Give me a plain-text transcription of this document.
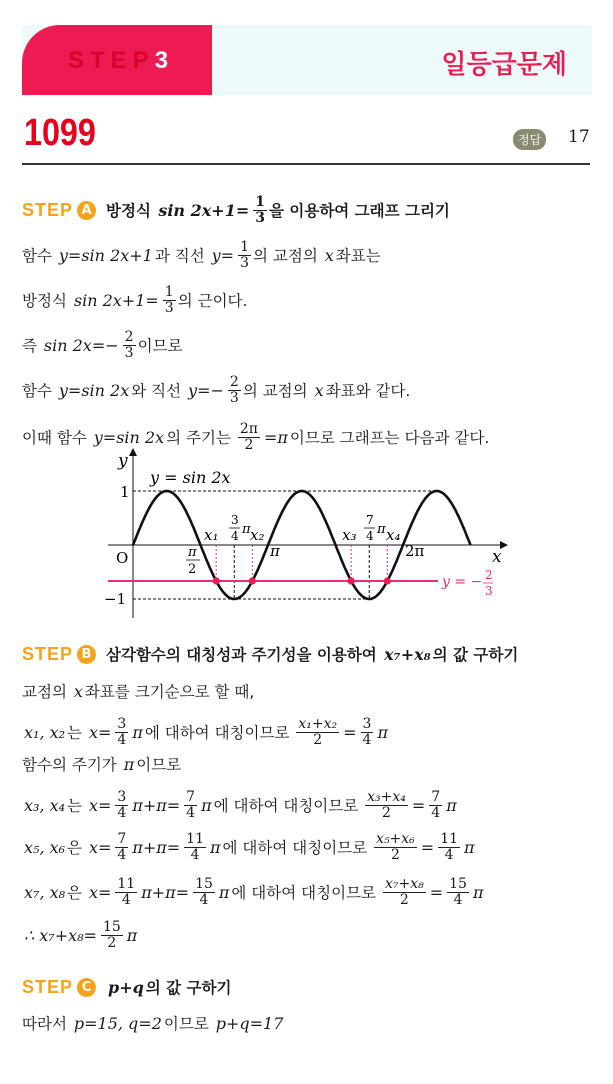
STEP3	일등급문제
1099	정답 17
STEP A 방정식 $\sin 2x+1= \frac{1}{3}$ 을 이용하여 그래프 그리기
함수 y=sin 2x+1 과 직선 $y= \frac{1}{3}$ 의 교점의 x 좌표는
방정식 $\sin 2x+1= \frac{1}{3}$ 의 근이다.
즉 $\sin 2x=- \frac{2}{3}$ 이므로
함수 y=sin 2x 와 직선 $y=- \frac{2}{3}$ 의 교점의 x 좌표와 같다.
이때 함수 y=sin 2x 의 주기는 $\frac{2\pi}{2} =\pi$ 이므로 그래프는 다음과 같다.
STEP B 삼각함수의 대칭성과 주기성을 이용하여 x₇+x₈ 의 값 구하기
교점의 x 좌표를 크기순으로 할 때,
x₁, x₂ 는 $x= \frac{3}{4}$ π 에 대하여 대칭이므로 $\frac{\text{x₁+x₂}}{2} = \frac{3}{4}$ π
함수의 주기가 π 이므로
x₃, x₄ 는 $x= \frac{3}{4} \pi+\pi= \frac{7}{4}$ π 에 대하여 대칭이므로 $\frac{\text{x₃+x₄}}{2} = \frac{7}{4}$ π
x₅, x₆ 은 $x= \frac{7}{4} \pi+\pi= \frac{11}{4}$ π 에 대하여 대칭이므로 $\frac{\text{x₅+x₆}}{2} = \frac{11}{4}$ π
x₇, x₈ 은 $x= \frac{11}{4} \pi+\pi= \frac{15}{4}$ π 에 대하여 대칭이므로 $\frac{\text{x₇+x₈}}{2} = \frac{15}{4}$ π
∴ $x_7+x_8= \frac{15}{2}$ π
STEP C p+q 의 값 구하기
따라서 p=15, q=2 이므로 p+q=17
y
x
O
y = sin 2x
1
−1
π
2
π	2π
x₁
3
4 π x₂	x₃
7
4 π x₄
y = − 2
3
